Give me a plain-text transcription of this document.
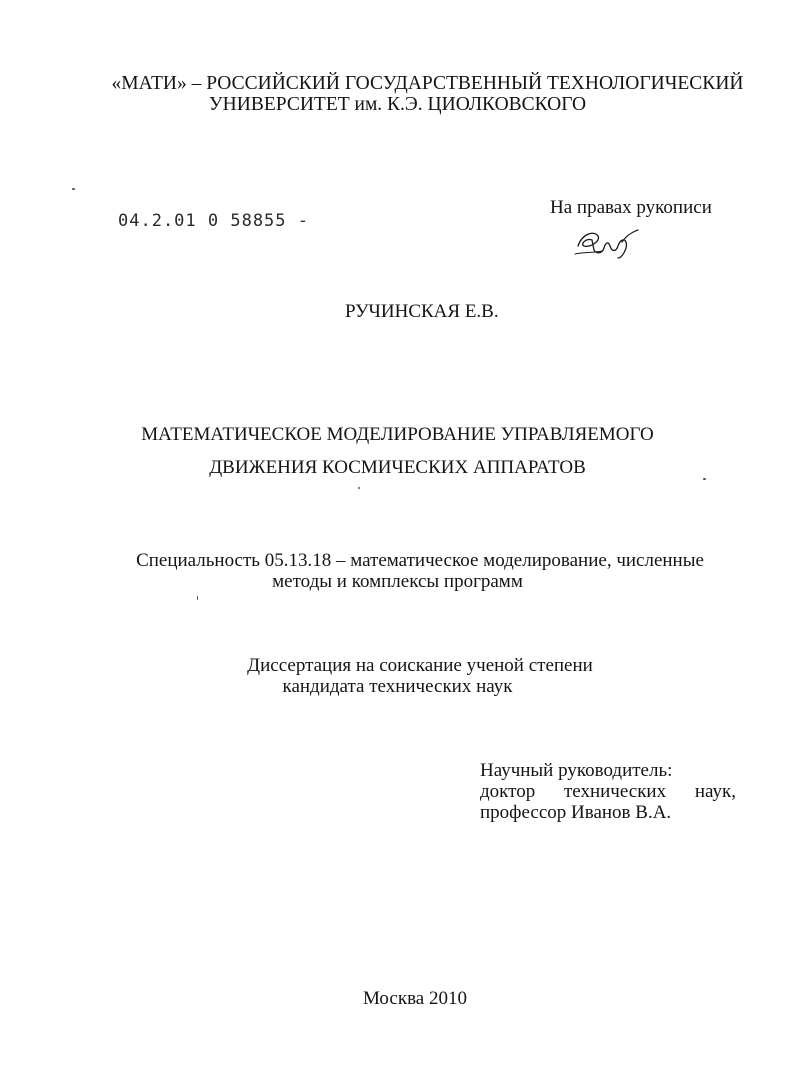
«МАТИ» – РОССИЙСКИЙ ГОСУДАРСТВЕННЫЙ ТЕХНОЛОГИЧЕСКИЙ
УНИВЕРСИТЕТ им. К.Э. ЦИОЛКОВСКОГО
04.2.01 0 58855 -
На правах рукописи
РУЧИНСКАЯ Е.В.
МАТЕМАТИЧЕСКОЕ МОДЕЛИРОВАНИЕ УПРАВЛЯЕМОГО
ДВИЖЕНИЯ КОСМИЧЕСКИХ АППАРАТОВ
Специальность 05.13.18 – математическое моделирование, численные
методы и комплексы программ
Диссертация на соискание ученой степени
кандидата технических наук
Научный руководитель:
доктор технических наук,
профессор Иванов В.А.
Москва 2010
